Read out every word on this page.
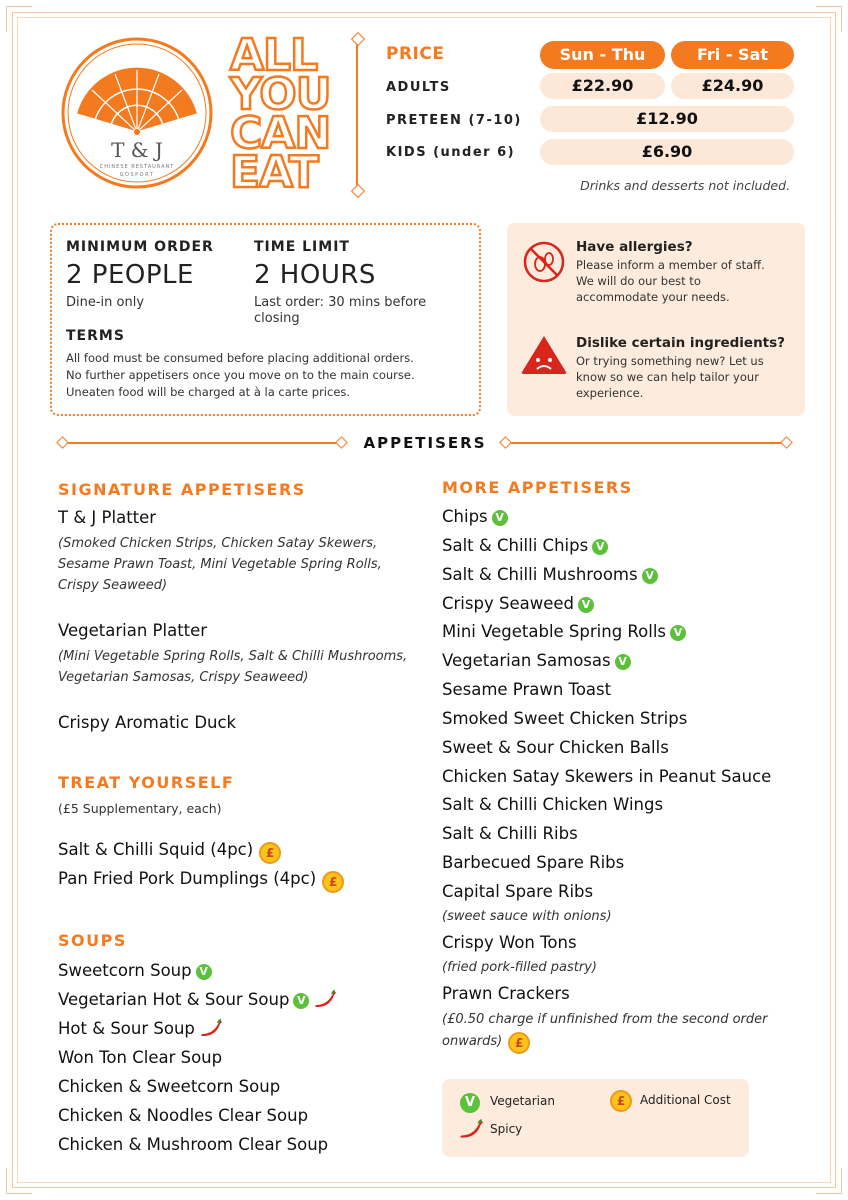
T & J
CHINESE RESTAURANT
GOSPORT
ALL
YOU
CAN
EAT
PRICE	Sun - Thu	Fri - Sat
ADULTS	£22.90	£24.90
PRETEEN (7-10)	£12.90
KIDS (under 6)	£6.90
Drinks and desserts not included.
MINIMUM ORDER
2 PEOPLE
Dine-in only
TIME LIMIT
2 HOURS
Last order: 30 mins before
closing
TERMS
All food must be consumed before placing additional orders.
No further appetisers once you move on to the main course.
Uneaten food will be charged at à la carte prices.
Have allergies?
Please inform a member of staff.
We will do our best to
accommodate your needs.
Dislike certain ingredients?
Or trying something new? Let us
know so we can help tailor your
experience.
APPETISERS
SIGNATURE APPETISERS
T & J Platter
(Smoked Chicken Strips, Chicken Satay Skewers,
Sesame Prawn Toast, Mini Vegetable Spring Rolls,
Crispy Seaweed)
Vegetarian Platter
(Mini Vegetable Spring Rolls, Salt & Chilli Mushrooms,
Vegetarian Samosas, Crispy Seaweed)
Crispy Aromatic Duck
TREAT YOURSELF
(£5 Supplementary, each)
Salt & Chilli Squid (4pc) £
Pan Fried Pork Dumplings (4pc) £
SOUPS
Sweetcorn Soup V
Vegetarian Hot & Sour Soup V
Hot & Sour Soup
Won Ton Clear Soup
Chicken & Sweetcorn Soup
Chicken & Noodles Clear Soup
Chicken & Mushroom Clear Soup
MORE APPETISERS
Chips V
Salt & Chilli Chips V
Salt & Chilli Mushrooms V
Crispy Seaweed V
Mini Vegetable Spring Rolls V
Vegetarian Samosas V
Sesame Prawn Toast
Smoked Sweet Chicken Strips
Sweet & Sour Chicken Balls
Chicken Satay Skewers in Peanut Sauce
Salt & Chilli Chicken Wings
Salt & Chilli Ribs
Barbecued Spare Ribs
Capital Spare Ribs
(sweet sauce with onions)
Crispy Won Tons
(fried pork-filled pastry)
Prawn Crackers
(£0.50 charge if unfinished from the second order
onwards) £
V	Vegetarian	£	Additional Cost
Spicy
